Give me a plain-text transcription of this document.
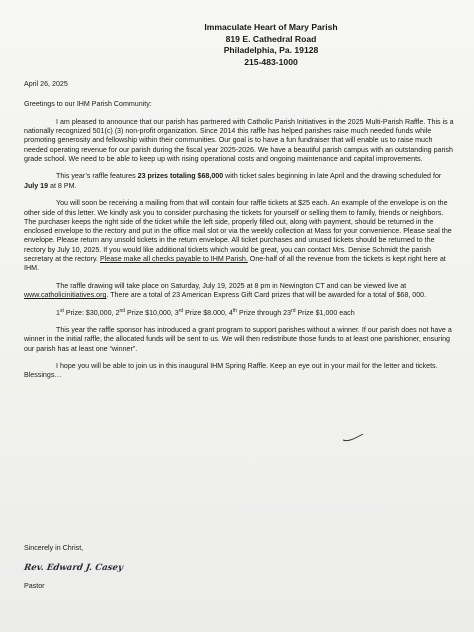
Immaculate Heart of Mary Parish
819 E. Cathedral Road
Philadelphia, Pa. 19128
215-483-1000

April 26, 2025

Greetings to our IHM Parish Community:

I am pleased to announce that our parish has partnered with Catholic Parish Initiatives in the 2025 Multi-Parish Raffle. This is a nationally recognized 501(c) (3) non-profit organization. Since 2014 this raffle has helped parishes raise much needed funds while promoting generosity and fellowship within their communities. Our goal is to have a fun fundraiser that will enable us to raise much needed operating revenue for our parish during the fiscal year 2025-2026. We have a beautiful parish campus with an outstanding parish grade school. We need to be able to keep up with rising operational costs and ongoing maintenance and capital improvements.

This year’s raffle features 23 prizes totaling $68,000 with ticket sales beginning in late April and the drawing scheduled for July 19 at 8 PM.

You will soon be receiving a mailing from that will contain four raffle tickets at $25 each. An example of the envelope is on the other side of this letter. We kindly ask you to consider purchasing the tickets for yourself or selling them to family, friends or neighbors. The purchaser keeps the right side of the ticket while the left side, properly filled out, along with payment, should be returned in the enclosed envelope to the rectory and put in the office mail slot or via the weekly collection at Mass for your convenience. Please seal the envelope. Please return any unsold tickets in the return envelope. All ticket purchases and unused tickets should be returned to the rectory by July 10, 2025. If you would like additional tickets which would be great, you can contact Mrs. Denise Schmidt the parish secretary at the rectory. Please make all checks payable to IHM Parish. One-half of all the revenue from the tickets is kept right here at IHM.

The raffle drawing will take place on Saturday, July 19, 2025 at 8 pm in Newington CT and can be viewed live at www.catholicinitiatives.org. There are a total of 23 American Express Gift Card prizes that will be awarded for a total of $68, 000.

1st Prize: $30,000, 2nd Prize $10,000, 3rd Prize $8.000, 4th Prize through 23rd Prize $1,000 each

This year the raffle sponsor has introduced a grant program to support parishes without a winner. If our parish does not have a winner in the initial raffle, the allocated funds will be sent to us. We will then redistribute those funds to at least one parishioner, ensuring our parish has at least one “winner”.

I hope you will be able to join us in this inaugural IHM Spring Raffle. Keep an eye out in your mail for the letter and tickets. Blessings…

Sincerely in Christ,
Rev. Edward J. Casey
Pastor
